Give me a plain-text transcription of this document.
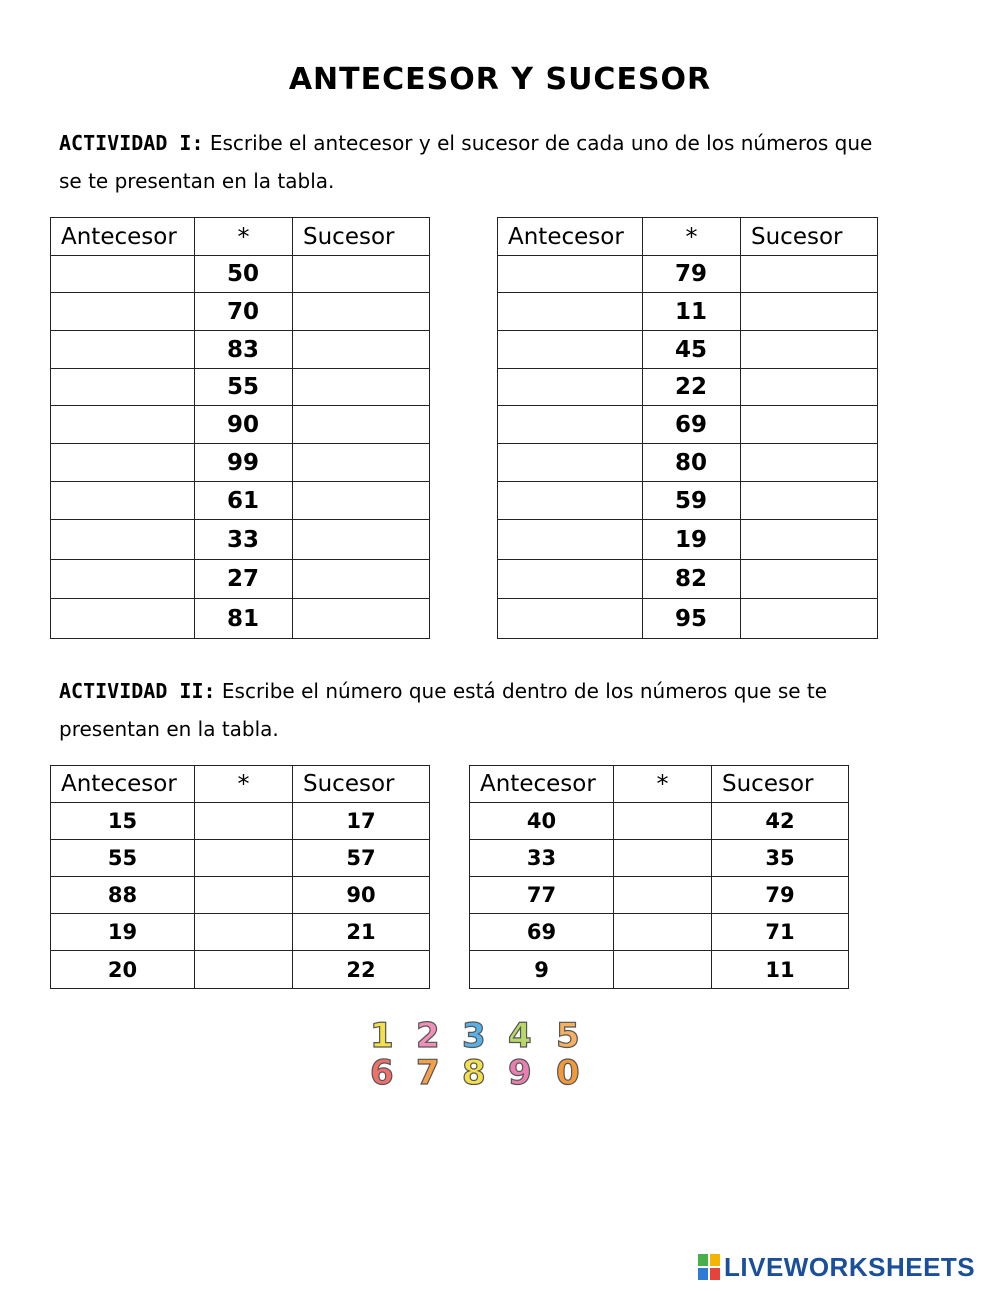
ANTECESOR Y SUCESOR
ACTIVIDAD I: Escribe el antecesor y el sucesor de cada uno de los números que
se te presentan en la tabla.
Antecesor	*	Sucesor
	50	
	70	
	83	
	55	
	90	
	99	
	61	
	33	
	27	
	81	
Antecesor	*	Sucesor
	79	
	11	
	45	
	22	
	69	
	80	
	59	
	19	
	82	
	95	
ACTIVIDAD II: Escribe el número que está dentro de los números que se te
presentan en la tabla.
Antecesor	*	Sucesor
15		17
55		57
88		90
19		21
20		22
Antecesor	*	Sucesor
40		42
33		35
77		79
69		71
9		11
1 2 3 4 5
6 7 8 9 0
LIVEWORKSHEETS
